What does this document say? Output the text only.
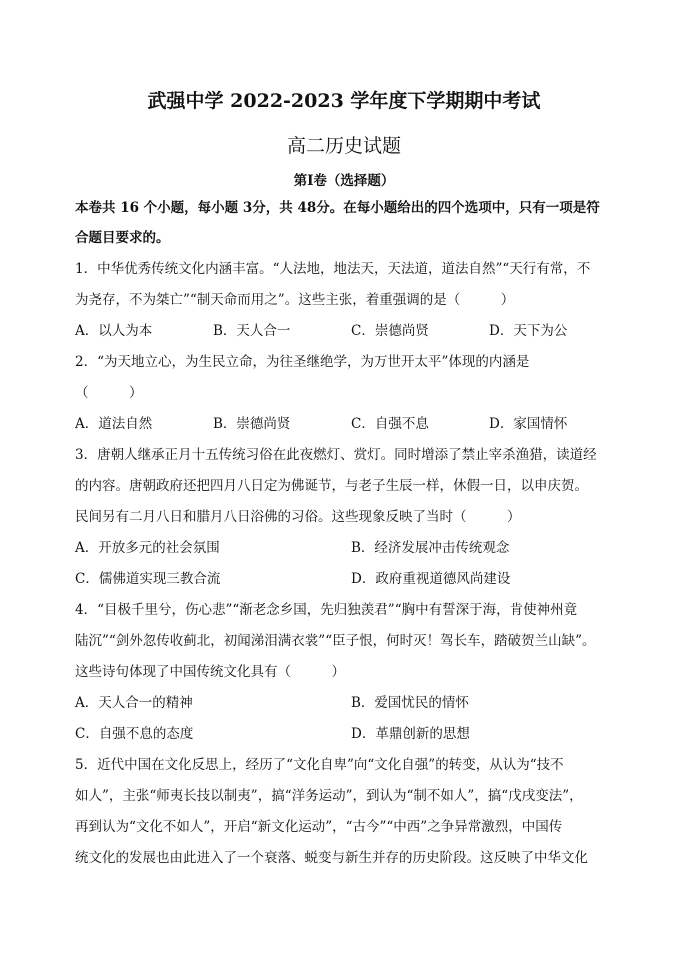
武强中学 2022-2023 学年度下学期期中考试
高二历史试题
第Ⅰ卷（选择题）
本卷共 16 个小题，每小题 3分，共 48分。在每小题给出的四个选项中，只有一项是符
合题目要求的。
1．中华优秀传统文化内涵丰富。“人法地，地法天，天法道，道法自然”“天行有常，不
为尧存，不为桀亡”“制天命而用之”。这些主张，着重强调的是（　　　）
A．以人为本	B．天人合一	C．崇德尚贤	D．天下为公
2．“为天地立心，为生民立命，为往圣继绝学，为万世开太平”体现的内涵是
（　　　）
A．道法自然	B．崇德尚贤	C．自强不息	D．家国情怀
3．唐朝人继承正月十五传统习俗在此夜燃灯、赏灯。同时增添了禁止宰杀渔猎，读道经
的内容。唐朝政府还把四月八日定为佛诞节，与老子生辰一样，休假一日，以申庆贺。
民间另有二月八日和腊月八日浴佛的习俗。这些现象反映了当时（　　　）
A．开放多元的社会氛围	B．经济发展冲击传统观念
C．儒佛道实现三教合流	D．政府重视道德风尚建设
4．“目极千里兮，伤心悲”“渐老念乡国，先归独羡君”“胸中有誓深于海，肯使神州竟
陆沉”“剑外忽传收蓟北，初闻涕泪满衣裳”“臣子恨，何时灭！驾长车，踏破贺兰山缺”。
这些诗句体现了中国传统文化具有（　　　）
A．天人合一的精神	B．爱国忧民的情怀
C．自强不息的态度	D．革鼎创新的思想
5．近代中国在文化反思上，经历了“文化自卑”向“文化自强”的转变，从认为“技不
如人”，主张“师夷长技以制夷”，搞“洋务运动”，到认为“制不如人”，搞“戊戌变法”，
再到认为“文化不如人”，开启“新文化运动”，“古今”“中西”之争异常激烈，中国传
统文化的发展也由此进入了一个衰落、蜕变与新生并存的历史阶段。这反映了中华文化
